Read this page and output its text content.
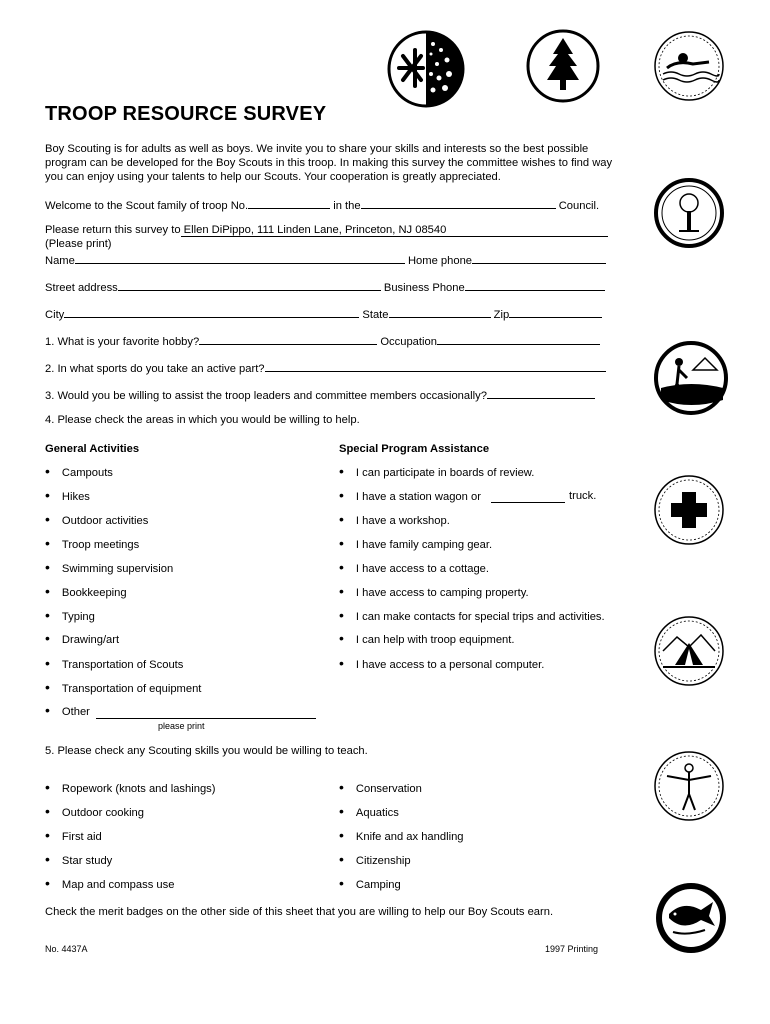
TROOP RESOURCE SURVEY
Boy Scouting is for adults as well as boys. We invite you to share your skills and interests so the best possible program can be developed for the Boy Scouts in this troop. In making this survey the committee wishes to find way you can enjoy using your talents to help our Scouts. Your cooperation is greatly appreciated.
Welcome to the Scout family of troop No.	in the	Council.
Please return this survey to Ellen DiPippo, 111 Linden Lane, Princeton, NJ 08540
(Please print)
Name	Home phone
Street address	Business Phone
City	State	Zip
1. What is your favorite hobby?	Occupation
2. In what sports do you take an active part?
3. Would you be willing to assist the troop leaders and committee members occasionally?
4. Please check the areas in which you would be willing to help.
General Activities	Special Program Assistance
• Campouts
• Hikes
• Outdoor activities
• Troop meetings
• Swimming supervision
• Bookkeeping
• Typing
• Drawing/art
• Transportation of Scouts
• Transportation of equipment
• Other
• I can participate in boards of review.
• I have a station wagon or
• I have a workshop.
• I have family camping gear.
• I have access to a cottage.
• I have access to camping property.
• I can make contacts for special trips and activities.
• I can help with troop equipment.
• I have access to a personal computer.
please print
truck.
5. Please check any Scouting skills you would be willing to teach.
• Ropework (knots and lashings)
• Outdoor cooking
• First aid
• Star study
• Map and compass use
• Conservation
• Aquatics
• Knife and ax handling
• Citizenship
• Camping
Check the merit badges on the other side of this sheet that you are willing to help our Boy Scouts earn.
No. 4437A	1997 Printing
